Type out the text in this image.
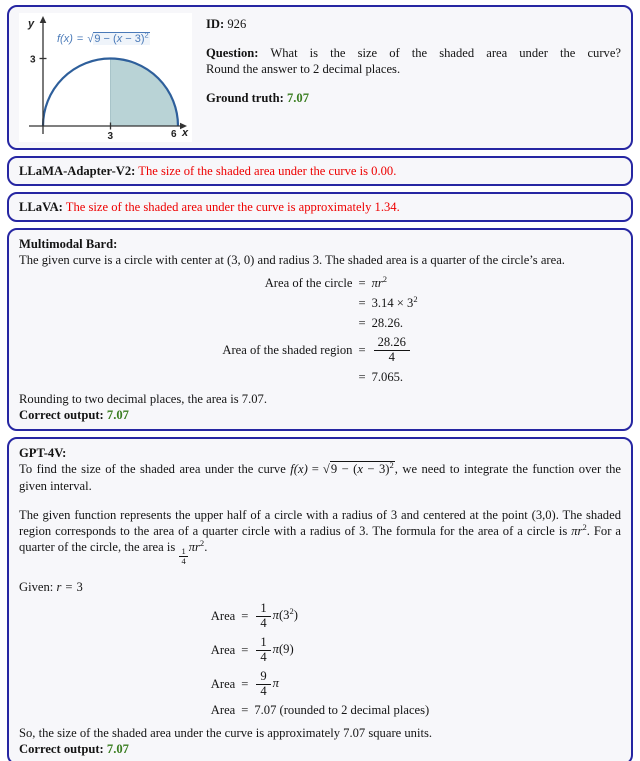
y
x
3
3	6
$f(x) = √9 - (x - 3)^2$

ID: 926

Question: What is the size of the shaded area under the curve?

Round the answer to 2 decimal places.

Ground truth: 7.07

LLaMA-Adapter-V2: The size of the shaded area under the curve is 0.00.

LLaVA: The size of the shaded area under the curve is approximately 1.34.

Multimodal Bard:

The given curve is a circle with center at (3, 0) and radius 3. The shaded area is a quarter of the circle’s area.

Area of the circle	=	$\pi r^2$
	=	$3.14 \times 3^2$
	=	28.26.
Area of the shaded region	=	$\frac{28.26}{4}$

	=	7.065.

Rounding to two decimal places, the area is 7.07.

Correct output: 7.07

GPT-4V:

To find the size of the shaded area under the curve $f(x) = √9 - (x - 3)^2$, we need to integrate the function over the given interval.

The given function represents the upper half of a circle with a radius of 3 and centered at the point (3,0). The shaded region corresponds to the area of a quarter circle with a radius of 3. The formula for the area of a circle is $\pi r^2$. For a quarter of the circle, the area is $\frac{1}{4} \pi r^2$.

Given: r = 3

Area	=	$\frac{1}{4} \pi(3^2)$
Area	=	$\frac{1}{4} \pi(9)$
Area	=	$\frac{9}{4}$ π
Area	=	7.07 (rounded to 2 decimal places)

So, the size of the shaded area under the curve is approximately 7.07 square units.

Correct output: 7.07
